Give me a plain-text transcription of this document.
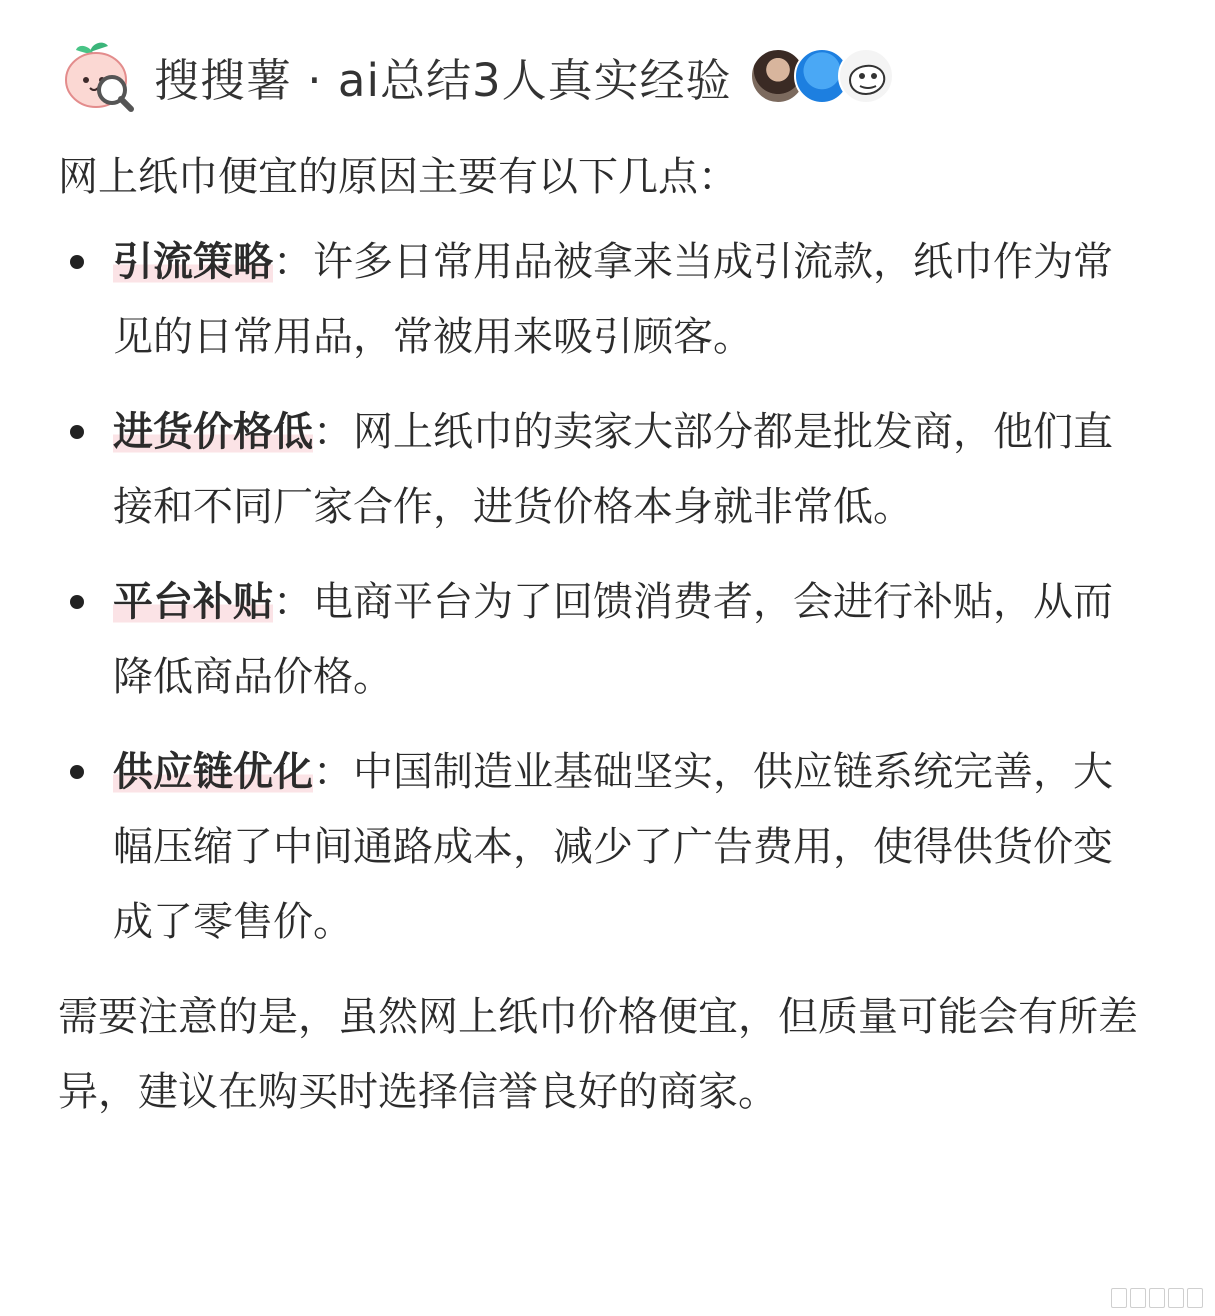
搜搜薯 · ai总结3人真实经验

网上纸巾便宜的原因主要有以下几点：

引流策略：许多日常用品被拿来当成引流款，纸巾作为常见的日常用品，常被用来吸引顾客。
进货价格低：网上纸巾的卖家大部分都是批发商，他们直接和不同厂家合作，进货价格本身就非常低。
平台补贴：电商平台为了回馈消费者，会进行补贴，从而降低商品价格。
供应链优化：中国制造业基础坚实，供应链系统完善，大幅压缩了中间通路成本，减少了广告费用，使得供货价变成了零售价。

需要注意的是，虽然网上纸巾价格便宜，但质量可能会有所差异，建议在购买时选择信誉良好的商家。
